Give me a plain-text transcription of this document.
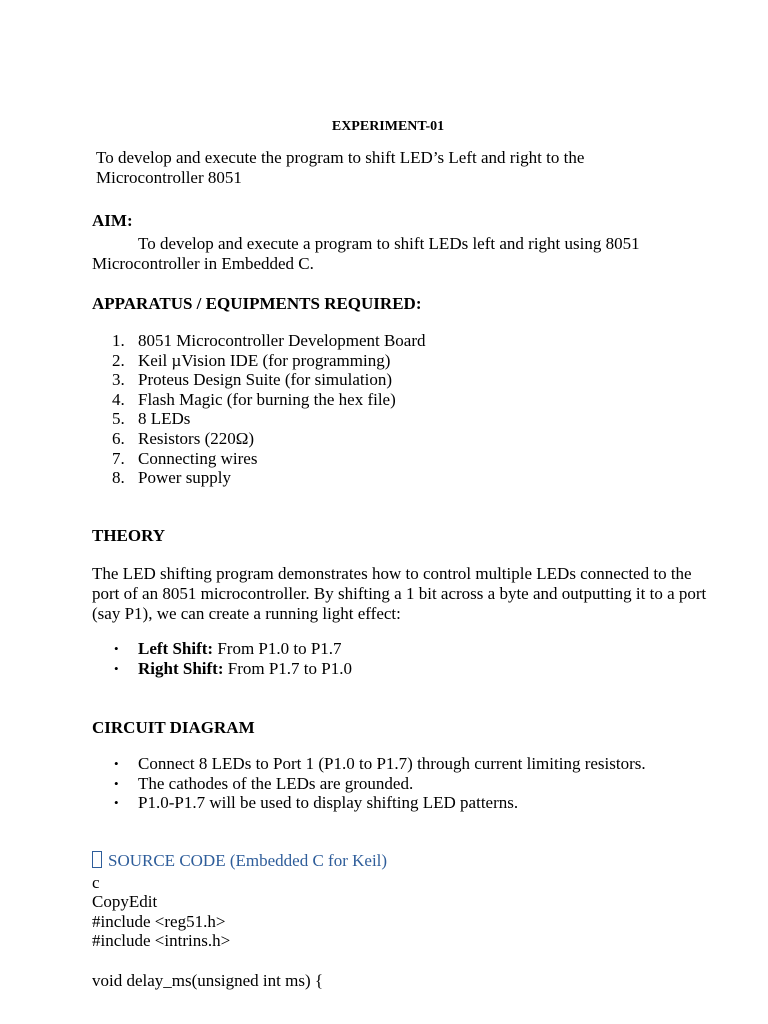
EXPERIMENT-01
To develop and execute the program to shift LED’s Left and right to the Microcontroller 8051
AIM:
To develop and execute a program to shift LEDs left and right using 8051 Microcontroller in Embedded C.
APPARATUS / EQUIPMENTS REQUIRED:
1. 8051 Microcontroller Development Board
2. Keil µVision IDE (for programming)
3. Proteus Design Suite (for simulation)
4. Flash Magic (for burning the hex file)
5. 8 LEDs
6. Resistors (220Ω)
7. Connecting wires
8. Power supply
THEORY
The LED shifting program demonstrates how to control multiple LEDs connected to the port of an 8051 microcontroller. By shifting a 1 bit across a byte and outputting it to a port (say P1), we can create a running light effect:
• Left Shift: From P1.0 to P1.7
• Right Shift: From P1.7 to P1.0
CIRCUIT DIAGRAM
• Connect 8 LEDs to Port 1 (P1.0 to P1.7) through current limiting resistors.
• The cathodes of the LEDs are grounded.
• P1.0-P1.7 will be used to display shifting LED patterns.
SOURCE CODE (Embedded C for Keil)
c
CopyEdit
#include <reg51.h>
#include <intrins.h>
void delay_ms(unsigned int ms) {
